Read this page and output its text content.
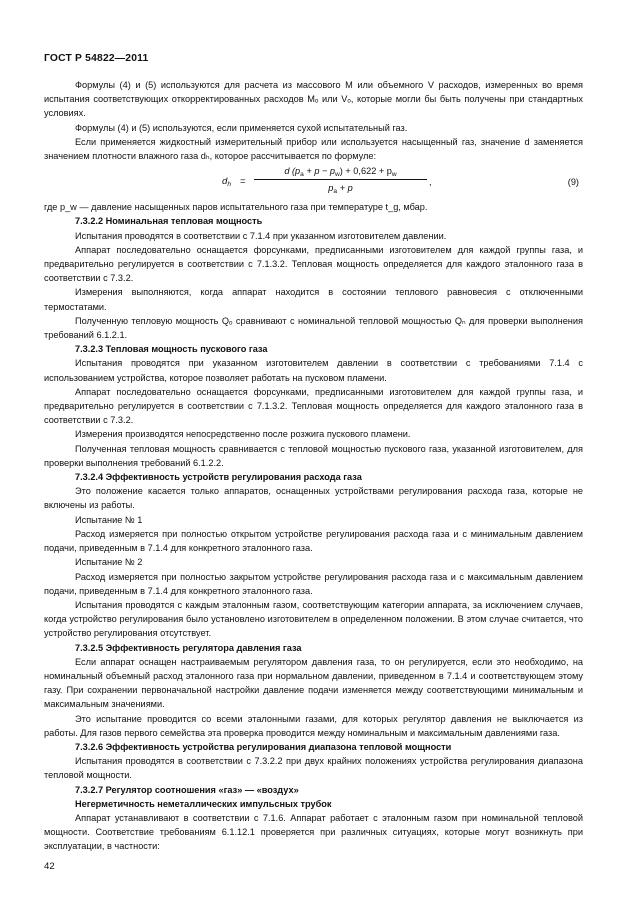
ГОСТ Р 54822—2011

Формулы (4) и (5) используются для расчета из массового M или объемного V расходов, измеренных во время испытания соответствующих откорректированных расходов Mₒ или Vₒ, которые могли бы быть получены при стандартных условиях.

Формулы (4) и (5) используются, если применяется сухой испытательный газ.

Если применяется жидкостный измерительный прибор или используется насыщенный газ, значение d заменяется значением плотности влажного газа dₕ, которое рассчитывается по формуле:

$d_h$ =
d $(p_a + p - p_w) + 0,622 + p_w$
$p_a + p$
,	(9)

где p_w — давление насыщенных паров испытательного газа при температуре t_g, мбар.

7.3.2.2 Номинальная тепловая мощность

Испытания проводятся в соответствии с 7.1.4 при указанном изготовителем давлении.

Аппарат последовательно оснащается форсунками, предписанными изготовителем для каждой группы газа, и предварительно регулируется в соответствии с 7.1.3.2. Тепловая мощность определяется для каждого эталонного газа в соответствии с 7.3.2.

Измерения выполняются, когда аппарат находится в состоянии теплового равновесия с отключенными термостатами.

Полученную тепловую мощность Qₒ сравнивают с номинальной тепловой мощностью Qₙ для проверки выполнения требований 6.1.2.1.

7.3.2.3 Тепловая мощность пускового газа

Испытания проводятся при указанном изготовителем давлении в соответствии с требованиями 7.1.4 с использованием устройства, которое позволяет работать на пусковом пламени.

Аппарат последовательно оснащается форсунками, предписанными изготовителем для каждой группы газа, и предварительно регулируется в соответствии с 7.1.3.2. Тепловая мощность определяется для каждого эталонного газа в соответствии с 7.3.2.

Измерения производятся непосредственно после розжига пускового пламени.

Полученная тепловая мощность сравнивается с тепловой мощностью пускового газа, указанной изготовителем, для проверки выполнения требований 6.1.2.2.

7.3.2.4 Эффективность устройств регулирования расхода газа

Это положение касается только аппаратов, оснащенных устройствами регулирования расхода газа, которые не включены из работы.

Испытание № 1

Расход измеряется при полностью открытом устройстве регулирования расхода газа и с минимальным давлением подачи, приведенным в 7.1.4 для конкретного эталонного газа.

Испытание № 2

Расход измеряется при полностью закрытом устройстве регулирования расхода газа и с максимальным давлением подачи, приведенным в 7.1.4 для конкретного эталонного газа.

Испытания проводятся с каждым эталонным газом, соответствующим категории аппарата, за исключением случаев, когда устройство регулирования было установлено изготовителем в определенном положении. В этом случае считается, что устройство регулирования отсутствует.

7.3.2.5 Эффективность регулятора давления газа

Если аппарат оснащен настраиваемым регулятором давления газа, то он регулируется, если это необходимо, на номинальный объемный расход эталонного газа при нормальном давлении, приведенном в 7.1.4 и соответствующем этому газу. При сохранении первоначальной настройки давление подачи изменяется между соответствующими минимальным и максимальным значениями.

Это испытание проводится со всеми эталонными газами, для которых регулятор давления не выключается из работы. Для газов первого семейства эта проверка проводится между номинальным и максимальным давлениями газа.

7.3.2.6 Эффективность устройства регулирования диапазона тепловой мощности

Испытания проводятся в соответствии с 7.3.2.2 при двух крайних положениях устройства регулирования диапазона тепловой мощности.

7.3.2.7 Регулятор соотношения «газ» — «воздух»

Негерметичность неметаллических импульсных трубок

Аппарат устанавливают в соответствии с 7.1.6. Аппарат работает с эталонным газом при номинальной тепловой мощности. Соответствие требованиям 6.1.12.1 проверяется при различных ситуациях, которые могут возникнуть при эксплуатации, в частности:

42
